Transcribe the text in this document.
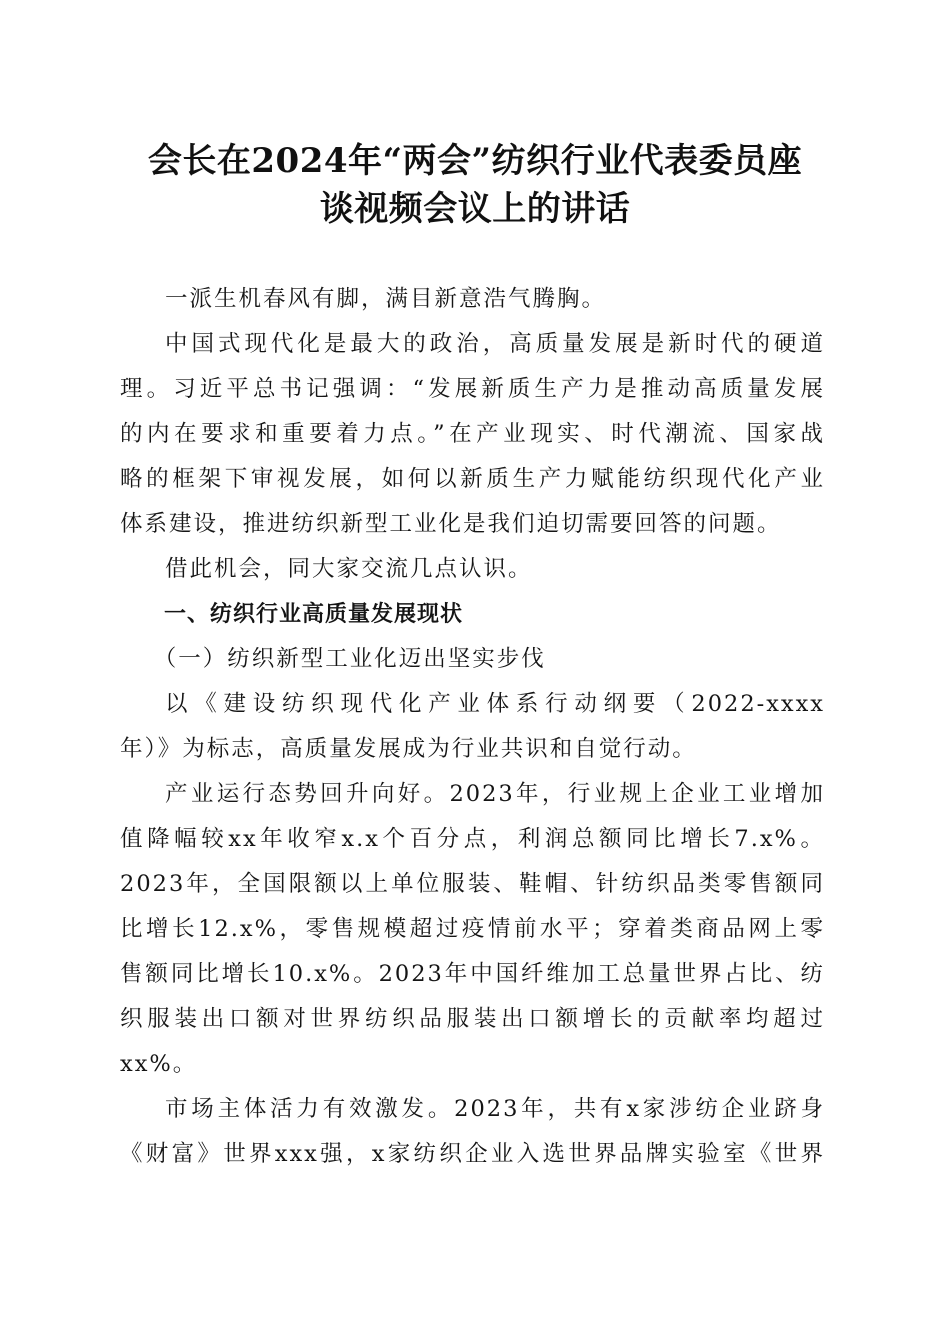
会长在2024年“两会”纺织行业代表委员座
谈视频会议上的讲话

一派生机春风有脚，满目新意浩气腾胸。

中国式现代化是最大的政治，高质量发展是新时代的硬道
理。习近平总书记强调：“发展新质生产力是推动高质量发展
的内在要求和重要着力点。”在产业现实、时代潮流、国家战
略的框架下审视发展，如何以新质生产力赋能纺织现代化产业
体系建设，推进纺织新型工业化是我们迫切需要回答的问题。

借此机会，同大家交流几点认识。

一、纺织行业高质量发展现状

（一）纺织新型工业化迈出坚实步伐

以《建设纺织现代化产业体系行动纲要（2022-xxxx
年）》为标志，高质量发展成为行业共识和自觉行动。
产业运行态势回升向好。2023年，行业规上企业工业增加
值降幅较xx年收窄x.x个百分点，利润总额同比增长7.x%。
2023年，全国限额以上单位服装、鞋帽、针纺织品类零售额同
比增长12.x%，零售规模超过疫情前水平；穿着类商品网上零
售额同比增长10.x%。2023年中国纤维加工总量世界占比、纺
织服装出口额对世界纺织品服装出口额增长的贡献率均超过
xx%。
市场主体活力有效激发。2023年，共有x家涉纺企业跻身
《财富》世界xxx强，x家纺织企业入选世界品牌实验室《世界
